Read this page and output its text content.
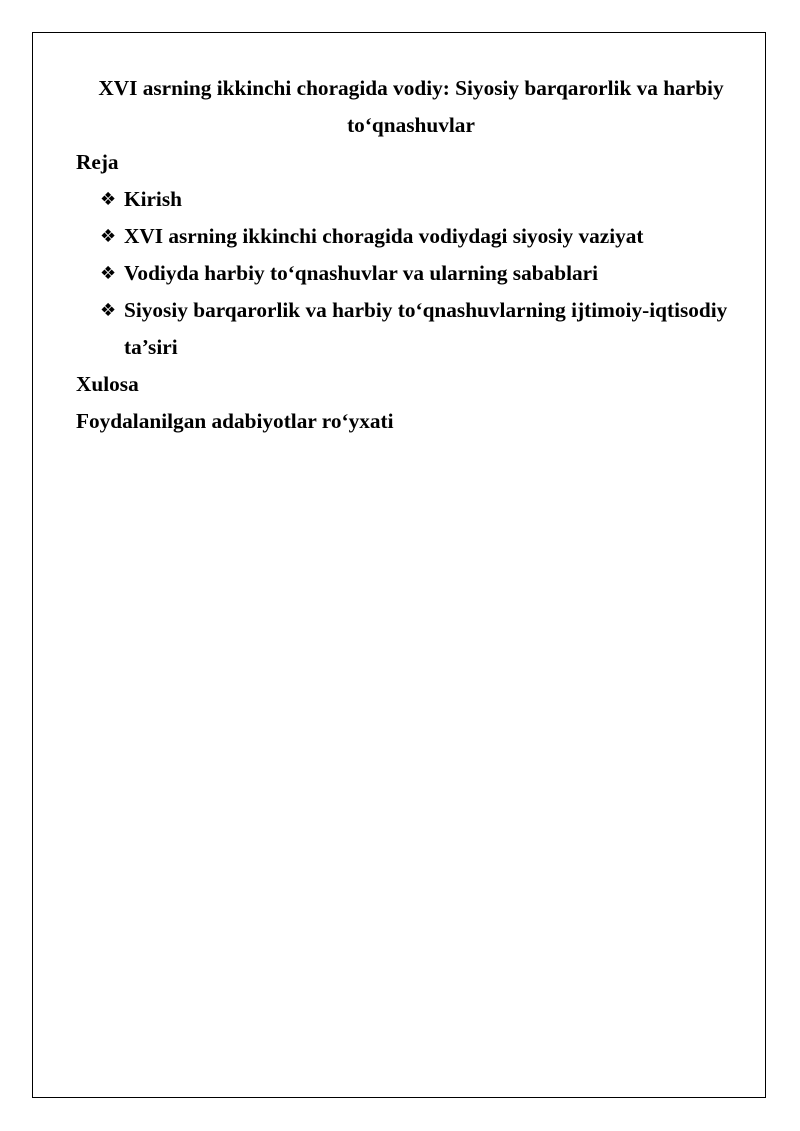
XVI asrning ikkinchi choragida vodiy: Siyosiy barqarorlik va harbiy
to‘qnashuvlar

Reja

❖ Kirish
❖ XVI asrning ikkinchi choragida vodiydagi siyosiy vaziyat
❖ Vodiyda harbiy to‘qnashuvlar va ularning sabablari
❖ Siyosiy barqarorlik va harbiy to‘qnashuvlarning ijtimoiy-iqtisodiy ta’siri

Xulosa

Foydalanilgan adabiyotlar ro‘yxati
